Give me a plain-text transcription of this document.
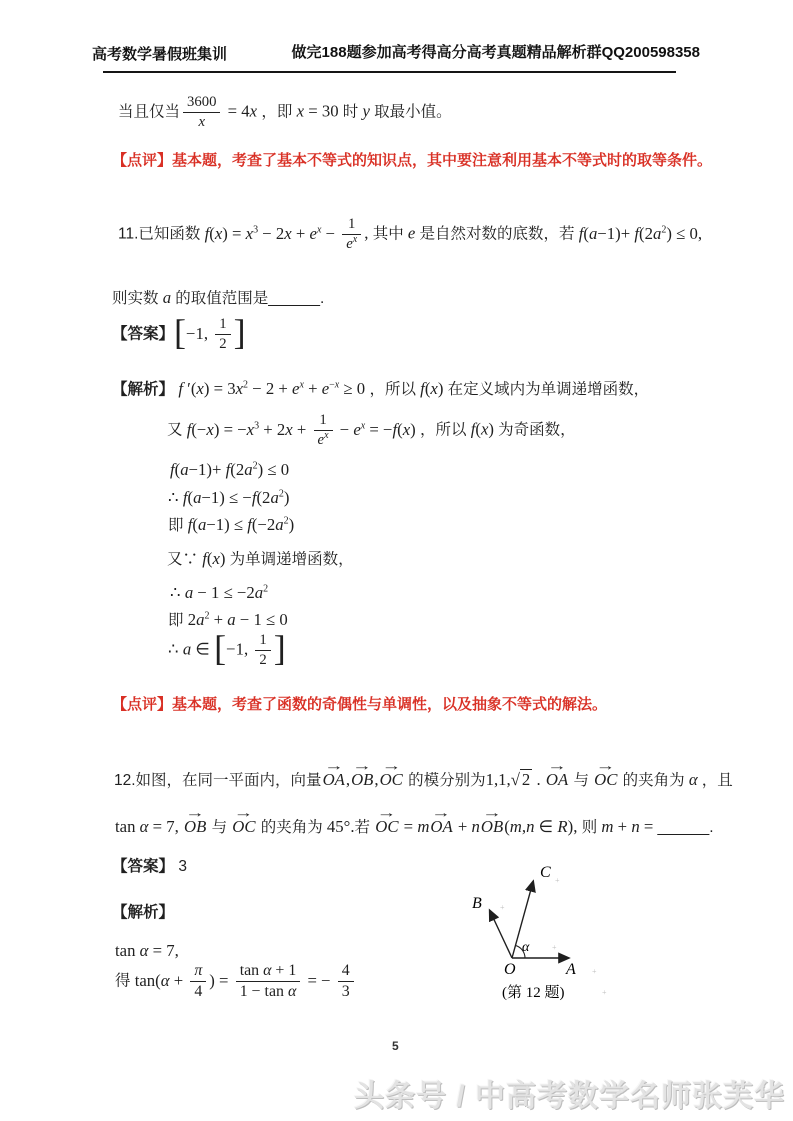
高考数学暑假班集训	做完188题参加高考得高分高考真题精品解析群QQ200598358
当且仅当 $\frac{3600}{x} = 4x$ ，即 x = 30 时 y 取最小值。
【点评】基本题，考查了基本不等式的知识点，其中要注意利用基本不等式时的取等条件。
11.已知函数 $f(x) = x^3 - 2x + e^x - \frac{1}{e^x}$ , 其中 e 是自然对数的底数，若 $f(a-1)+ f(2a^2) \le 0$,
则实数 a 的取值范围是______.
【答案】[−1, $\frac{1}{2}$ ]
【解析】 f $'(x) = 3x^2 - 2 + e^x + e^{-x} \ge 0$ ，所以 f(x) 在定义域内为单调递增函数，
又 $f(-x) = -x^3 + 2x + \frac{1}{e^x} - e^x = -f(x)$ ，所以 f(x) 为奇函数，
$f(a-1)+ f(2a^2) \le 0$
∴ $f(a-1) \le -f(2a^2)$
即 $f(a-1) \le f(-2a^2)$
又∵ f(x) 为单调递增函数，
∴ $a - 1 \le -2a^2$
即 $2a^2 + a - 1 \le 0$
∴ a ∈ [−1, $\frac{1}{2}$ ]
【点评】基本题，考查了函数的奇偶性与单调性，以及抽象不等式的解法。
12.如图，在同一平面内，向量
→
OA,
→
OB,
→
OC 的模分别为1,1,√ 2 .
→
OA 与
→
OC 的夹角为 α ，且
tan α = 7,
→
OB 与
→
OC 的夹角为 45°.若
→
OC = m
→
OA + n
→
OB(m,n ∈ R), 则 m + n = ______.
【答案】 3
【解析】
tan α = 7,
得 $\tan(\alpha + \frac{\pi}{4}$ ) = $\frac{\text{tan α + 1}}{\text{1 − tan α}}$ = − $\frac{4}{3}$	O	A
B
C
α
+
+
+
+
+
(第 12 题)
5
头条号 / 中高考数学名师张芙华
